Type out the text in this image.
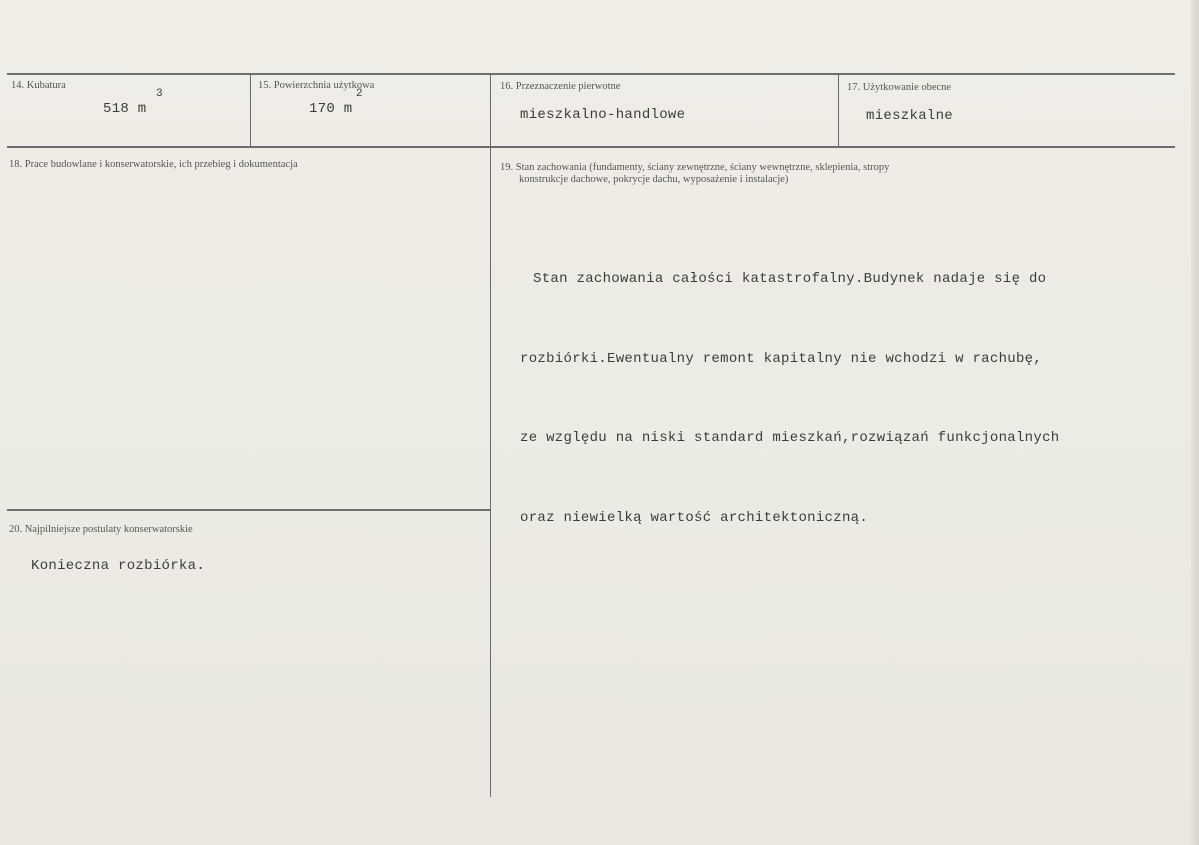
14. Kubatura
518 m
3
15. Powierzchnia użytkowa
170 m
2
16. Przeznaczenie pierwotne
mieszkalno-handlowe
17. Użytkowanie obecne
mieszkalne
18. Prace budowlane i konserwatorskie, ich przebieg i dokumentacja	19. Stan zachowania (fundamenty, ściany zewnętrzne, ściany wewnętrzne, sklepienia, stropy
konstrukcje dachowe, pokrycje dachu, wyposażenie i instalacje)

Stan zachowania całości katastrofalny.Budynek nadaje się do

rozbiórki.Ewentualny remont kapitalny nie wchodzi w rachubę,

ze względu na niski standard mieszkań,rozwiązań funkcjonalnych

oraz niewielką wartość architektoniczną.

20. Najpilniejsze postulaty konserwatorskie
Konieczna rozbiórka.
